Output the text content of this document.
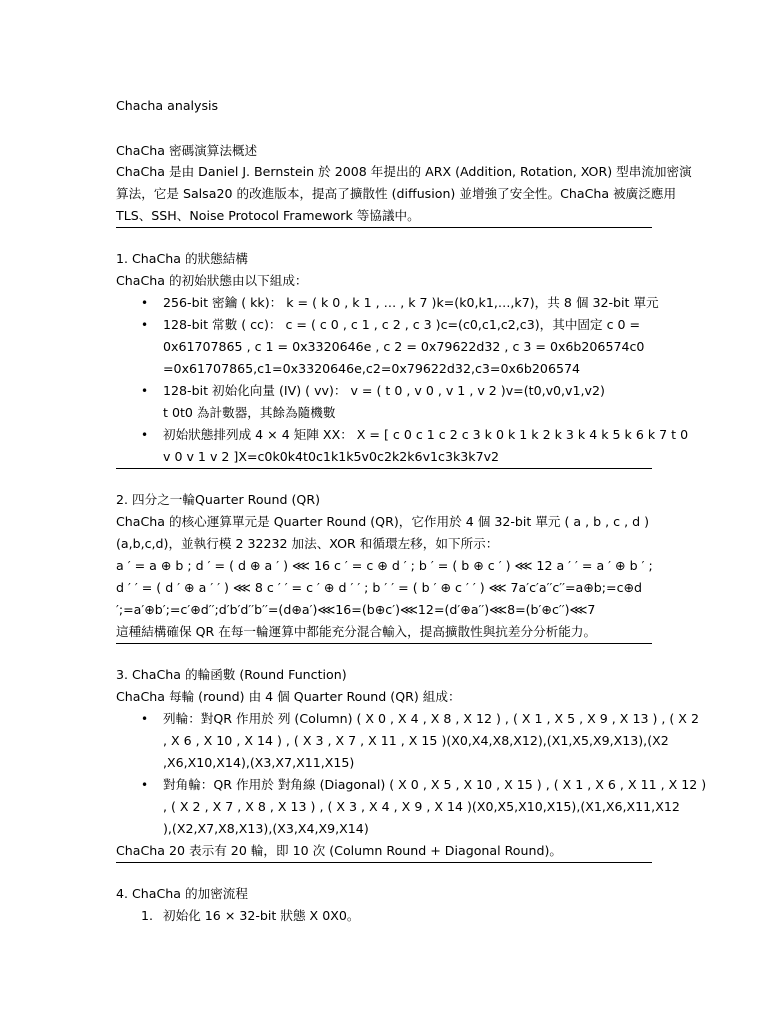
Chacha analysis
ChaCha 密碼演算法概述
ChaCha 是由 Daniel J. Bernstein 於 2008 年提出的 ARX (Addition, Rotation, XOR) 型串流加密演
算法，它是 Salsa20 的改進版本，提高了擴散性 (diffusion) 並增強了安全性。ChaCha 被廣泛應用
TLS、SSH、Noise Protocol Framework 等協議中。
1. ChaCha 的狀態結構
ChaCha 的初始狀態由以下組成：
• 256-bit 密鑰 ( kk)： k = ( k 0 , k 1 , … , k 7 )k=(k0,k1,…,k7)，共 8 個 32-bit 單元
• 128-bit 常數 ( cc)： c = ( c 0 , c 1 , c 2 , c 3 )c=(c0,c1,c2,c3)，其中固定 c 0 =
0x61707865 , c 1 = 0x3320646e , c 2 = 0x79622d32 , c 3 = 0x6b206574c0
=0x61707865,c1=0x3320646e,c2=0x79622d32,c3=0x6b206574
• 128-bit 初始化向量 (IV) ( vv)： v = ( t 0 , v 0 , v 1 , v 2 )v=(t0,v0,v1,v2)
t 0t0 為計數器，其餘為隨機數
• 初始狀態排列成 4 × 4 矩陣 XX： X = [ c 0 c 1 c 2 c 3 k 0 k 1 k 2 k 3 k 4 k 5 k 6 k 7 t 0
v 0 v 1 v 2 ]X=c0k0k4t0c1k1k5v0c2k2k6v1c3k3k7v2
2. 四分之一輪Quarter Round (QR)
ChaCha 的核心運算單元是 Quarter Round (QR)，它作用於 4 個 32-bit 單元 ( a , b , c , d )
(a,b,c,d)，並執行模 2 32232 加法、XOR 和循環左移，如下所示：
a ′ = a ⊕ b ; d ′ = ( d ⊕ a ′ ) ⋘ 16 c ′ = c ⊕ d ′ ; b ′ = ( b ⊕ c ′ ) ⋘ 12 a ′ ′ = a ′ ⊕ b ′ ;
d ′ ′ = ( d ′ ⊕ a ′ ′ ) ⋘ 8 c ′ ′ = c ′ ⊕ d ′ ′ ; b ′ ′ = ( b ′ ⊕ c ′ ′ ) ⋘ 7a′c′a′′c′′=a⊕b;=c⊕d
′;=a′⊕b′;=c′⊕d′′;d′b′d′′b′′=(d⊕a′)⋘16=(b⊕c′)⋘12=(d′⊕a′′)⋘8=(b′⊕c′′)⋘7
這種結構確保 QR 在每一輪運算中都能充分混合輸入，提高擴散性與抗差分分析能力。
3. ChaCha 的輪函數 (Round Function)
ChaCha 每輪 (round) 由 4 個 Quarter Round (QR) 組成：
• 列輪：對QR 作用於 列 (Column) ( X 0 , X 4 , X 8 , X 12 ) , ( X 1 , X 5 , X 9 , X 13 ) , ( X 2
, X 6 , X 10 , X 14 ) , ( X 3 , X 7 , X 11 , X 15 )(X0,X4,X8,X12),(X1,X5,X9,X13),(X2
,X6,X10,X14),(X3,X7,X11,X15)
• 對角輪：QR 作用於 對角線 (Diagonal) ( X 0 , X 5 , X 10 , X 15 ) , ( X 1 , X 6 , X 11 , X 12 )
, ( X 2 , X 7 , X 8 , X 13 ) , ( X 3 , X 4 , X 9 , X 14 )(X0,X5,X10,X15),(X1,X6,X11,X12
),(X2,X7,X8,X13),(X3,X4,X9,X14)
ChaCha 20 表示有 20 輪，即 10 次 (Column Round + Diagonal Round)。
4. ChaCha 的加密流程
1. 初始化 16 × 32-bit 狀態 X 0X0。
